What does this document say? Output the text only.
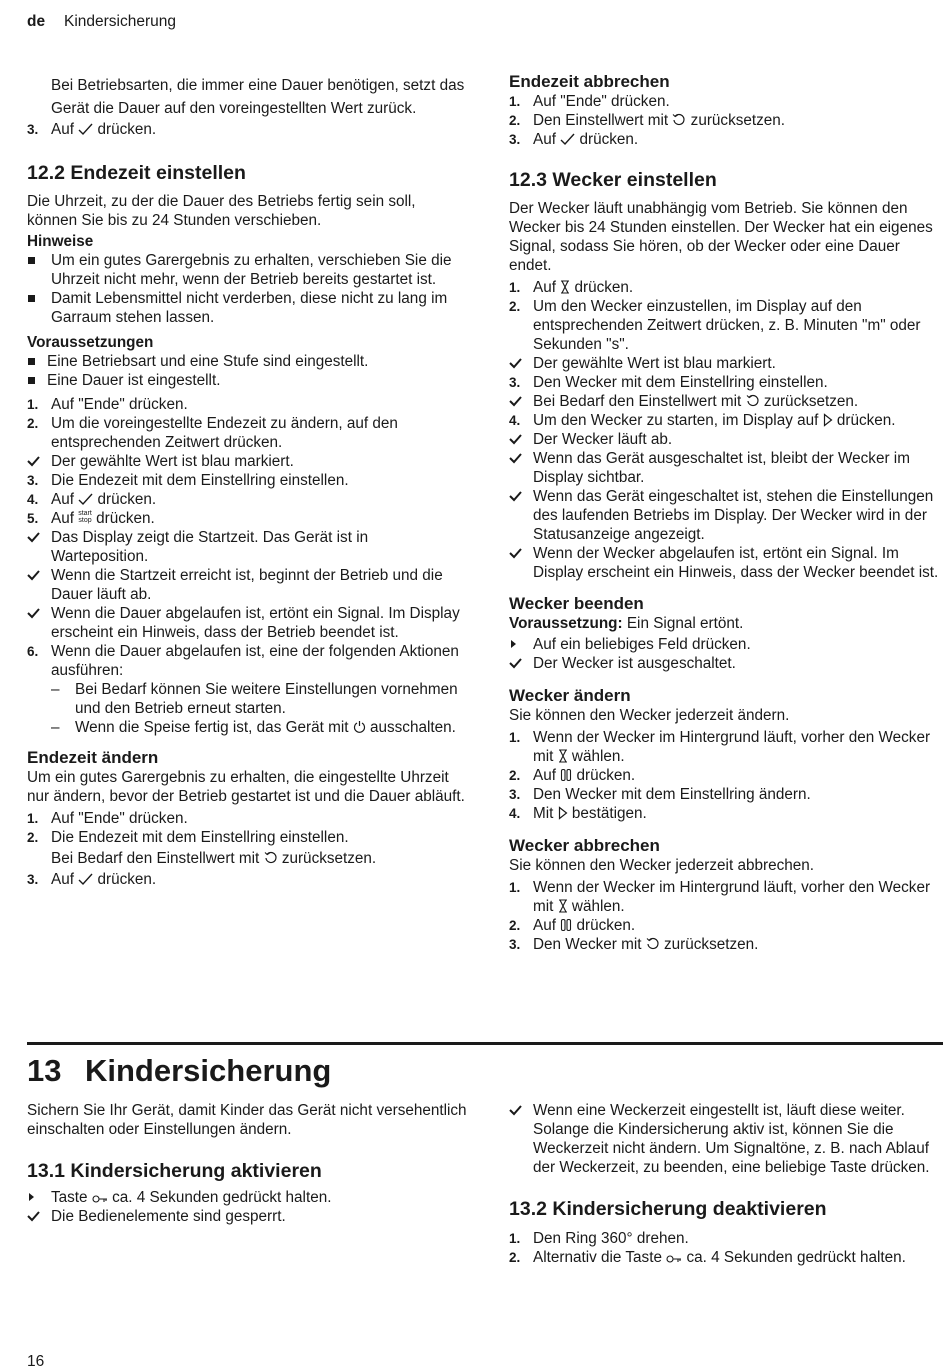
de Kindersicherung

Bei Betriebsarten, die immer eine Dauer benötigen, setzt das Gerät die Dauer auf den voreingestellten Wert zurück.

3. Auf drücken.
12.2 Endezeit einstellen

Die Uhrzeit, zu der die Dauer des Betriebs fertig sein soll, können Sie bis zu 24 Stunden verschieben.

Hinweise
Um ein gutes Garergebnis zu erhalten, verschieben Sie die Uhrzeit nicht mehr, wenn der Betrieb bereits gestartet ist.
Damit Lebensmittel nicht verderben, diese nicht zu lang im Garraum stehen lassen.
Voraussetzungen
Eine Betriebsart und eine Stufe sind eingestellt.
Eine Dauer ist eingestellt.
1. Auf "Ende" drücken.
2. Um die voreingestellte Endezeit zu ändern, auf den entsprechenden Zeitwert drücken.
Der gewählte Wert ist blau markiert.
3. Die Endezeit mit dem Einstellring einstellen.
4. Auf drücken.
5. Auf start
stop drücken.
Das Display zeigt die Startzeit. Das Gerät ist in Warteposition.
Wenn die Startzeit erreicht ist, beginnt der Betrieb und die Dauer läuft ab.
Wenn die Dauer abgelaufen ist, ertönt ein Signal. Im Display erscheint ein Hinweis, dass der Betrieb beendet ist.
6. Wenn die Dauer abgelaufen ist, eine der folgenden Aktionen ausführen:
– Bei Bedarf können Sie weitere Einstellungen vornehmen und den Betrieb erneut starten.
– Wenn die Speise fertig ist, das Gerät mit ausschalten.
Endezeit ändern

Um ein gutes Garergebnis zu erhalten, die eingestellte Uhrzeit nur ändern, bevor der Betrieb gestartet ist und die Dauer abläuft.

1. Auf "Ende" drücken.
2. Die Endezeit mit dem Einstellring einstellen.
Bei Bedarf den Einstellwert mit zurücksetzen.
3. Auf drücken.
Endezeit abbrechen
1. Auf "Ende" drücken.
2. Den Einstellwert mit zurücksetzen.
3. Auf drücken.
12.3 Wecker einstellen

Der Wecker läuft unabhängig vom Betrieb. Sie können den Wecker bis 24 Stunden einstellen. Der Wecker hat ein eigenes Signal, sodass Sie hören, ob der Wecker oder eine Dauer endet.

1. Auf drücken.
2. Um den Wecker einzustellen, im Display auf den entsprechenden Zeitwert drücken, z. B. Minuten "m" oder Sekunden "s".
Der gewählte Wert ist blau markiert.
3. Den Wecker mit dem Einstellring einstellen.
Bei Bedarf den Einstellwert mit zurücksetzen.
4. Um den Wecker zu starten, im Display auf drücken.
Der Wecker läuft ab.
Wenn das Gerät ausgeschaltet ist, bleibt der Wecker im Display sichtbar.
Wenn das Gerät eingeschaltet ist, stehen die Einstellungen des laufenden Betriebs im Display. Der Wecker wird in der Statusanzeige angezeigt.
Wenn der Wecker abgelaufen ist, ertönt ein Signal. Im Display erscheint ein Hinweis, dass der Wecker beendet ist.
Wecker beenden

Voraussetzung: Ein Signal ertönt.

Auf ein beliebiges Feld drücken.
Der Wecker ist ausgeschaltet.
Wecker ändern

Sie können den Wecker jederzeit ändern.

1. Wenn der Wecker im Hintergrund läuft, vorher den Wecker mit wählen.
2. Auf drücken.
3. Den Wecker mit dem Einstellring ändern.
4. Mit bestätigen.
Wecker abbrechen

Sie können den Wecker jederzeit abbrechen.

1. Wenn der Wecker im Hintergrund läuft, vorher den Wecker mit wählen.
2. Auf drücken.
3. Den Wecker mit zurücksetzen.
13 Kindersicherung

Sichern Sie Ihr Gerät, damit Kinder das Gerät nicht versehentlich einschalten oder Einstellungen ändern.

13.1 Kindersicherung aktivieren
Taste ca. 4 Sekunden gedrückt halten.
Die Bedienelemente sind gesperrt.
Wenn eine Weckerzeit eingestellt ist, läuft diese weiter. Solange die Kindersicherung aktiv ist, können Sie die Weckerzeit nicht ändern. Um Signaltöne, z. B. nach Ablauf der Weckerzeit, zu beenden, eine beliebige Taste drücken.
13.2 Kindersicherung deaktivieren
1. Den Ring 360° drehen.
2. Alternativ die Taste ca. 4 Sekunden gedrückt halten.
16
